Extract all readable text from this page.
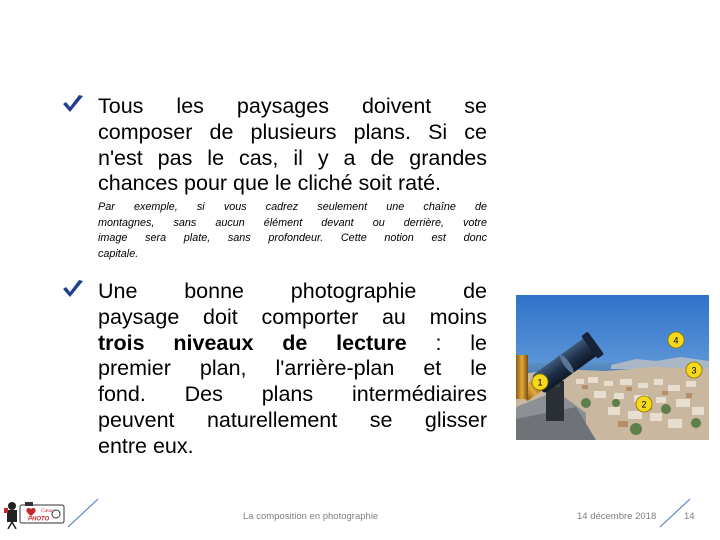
Tous les paysages doivent se
composer de plusieurs plans. Si ce
n'est pas le cas, il y a de grandes
chances pour que le cliché soit raté.
Par exemple, si vous cadrez seulement une chaîne de
montagnes, sans aucun élément devant ou derrière, votre
image sera plate, sans profondeur. Cette notion est donc
capitale.
Une bonne photographie de
paysage doit comporter au moins
trois niveaux de lecture : le
premier plan, l'arrière-plan et le
fond. Des plans intermédiaires
peuvent naturellement se glisser
entre eux.
1
2
3
4
Cœur
PHOTO	La composition en photographie	14 décembre 2018	14
